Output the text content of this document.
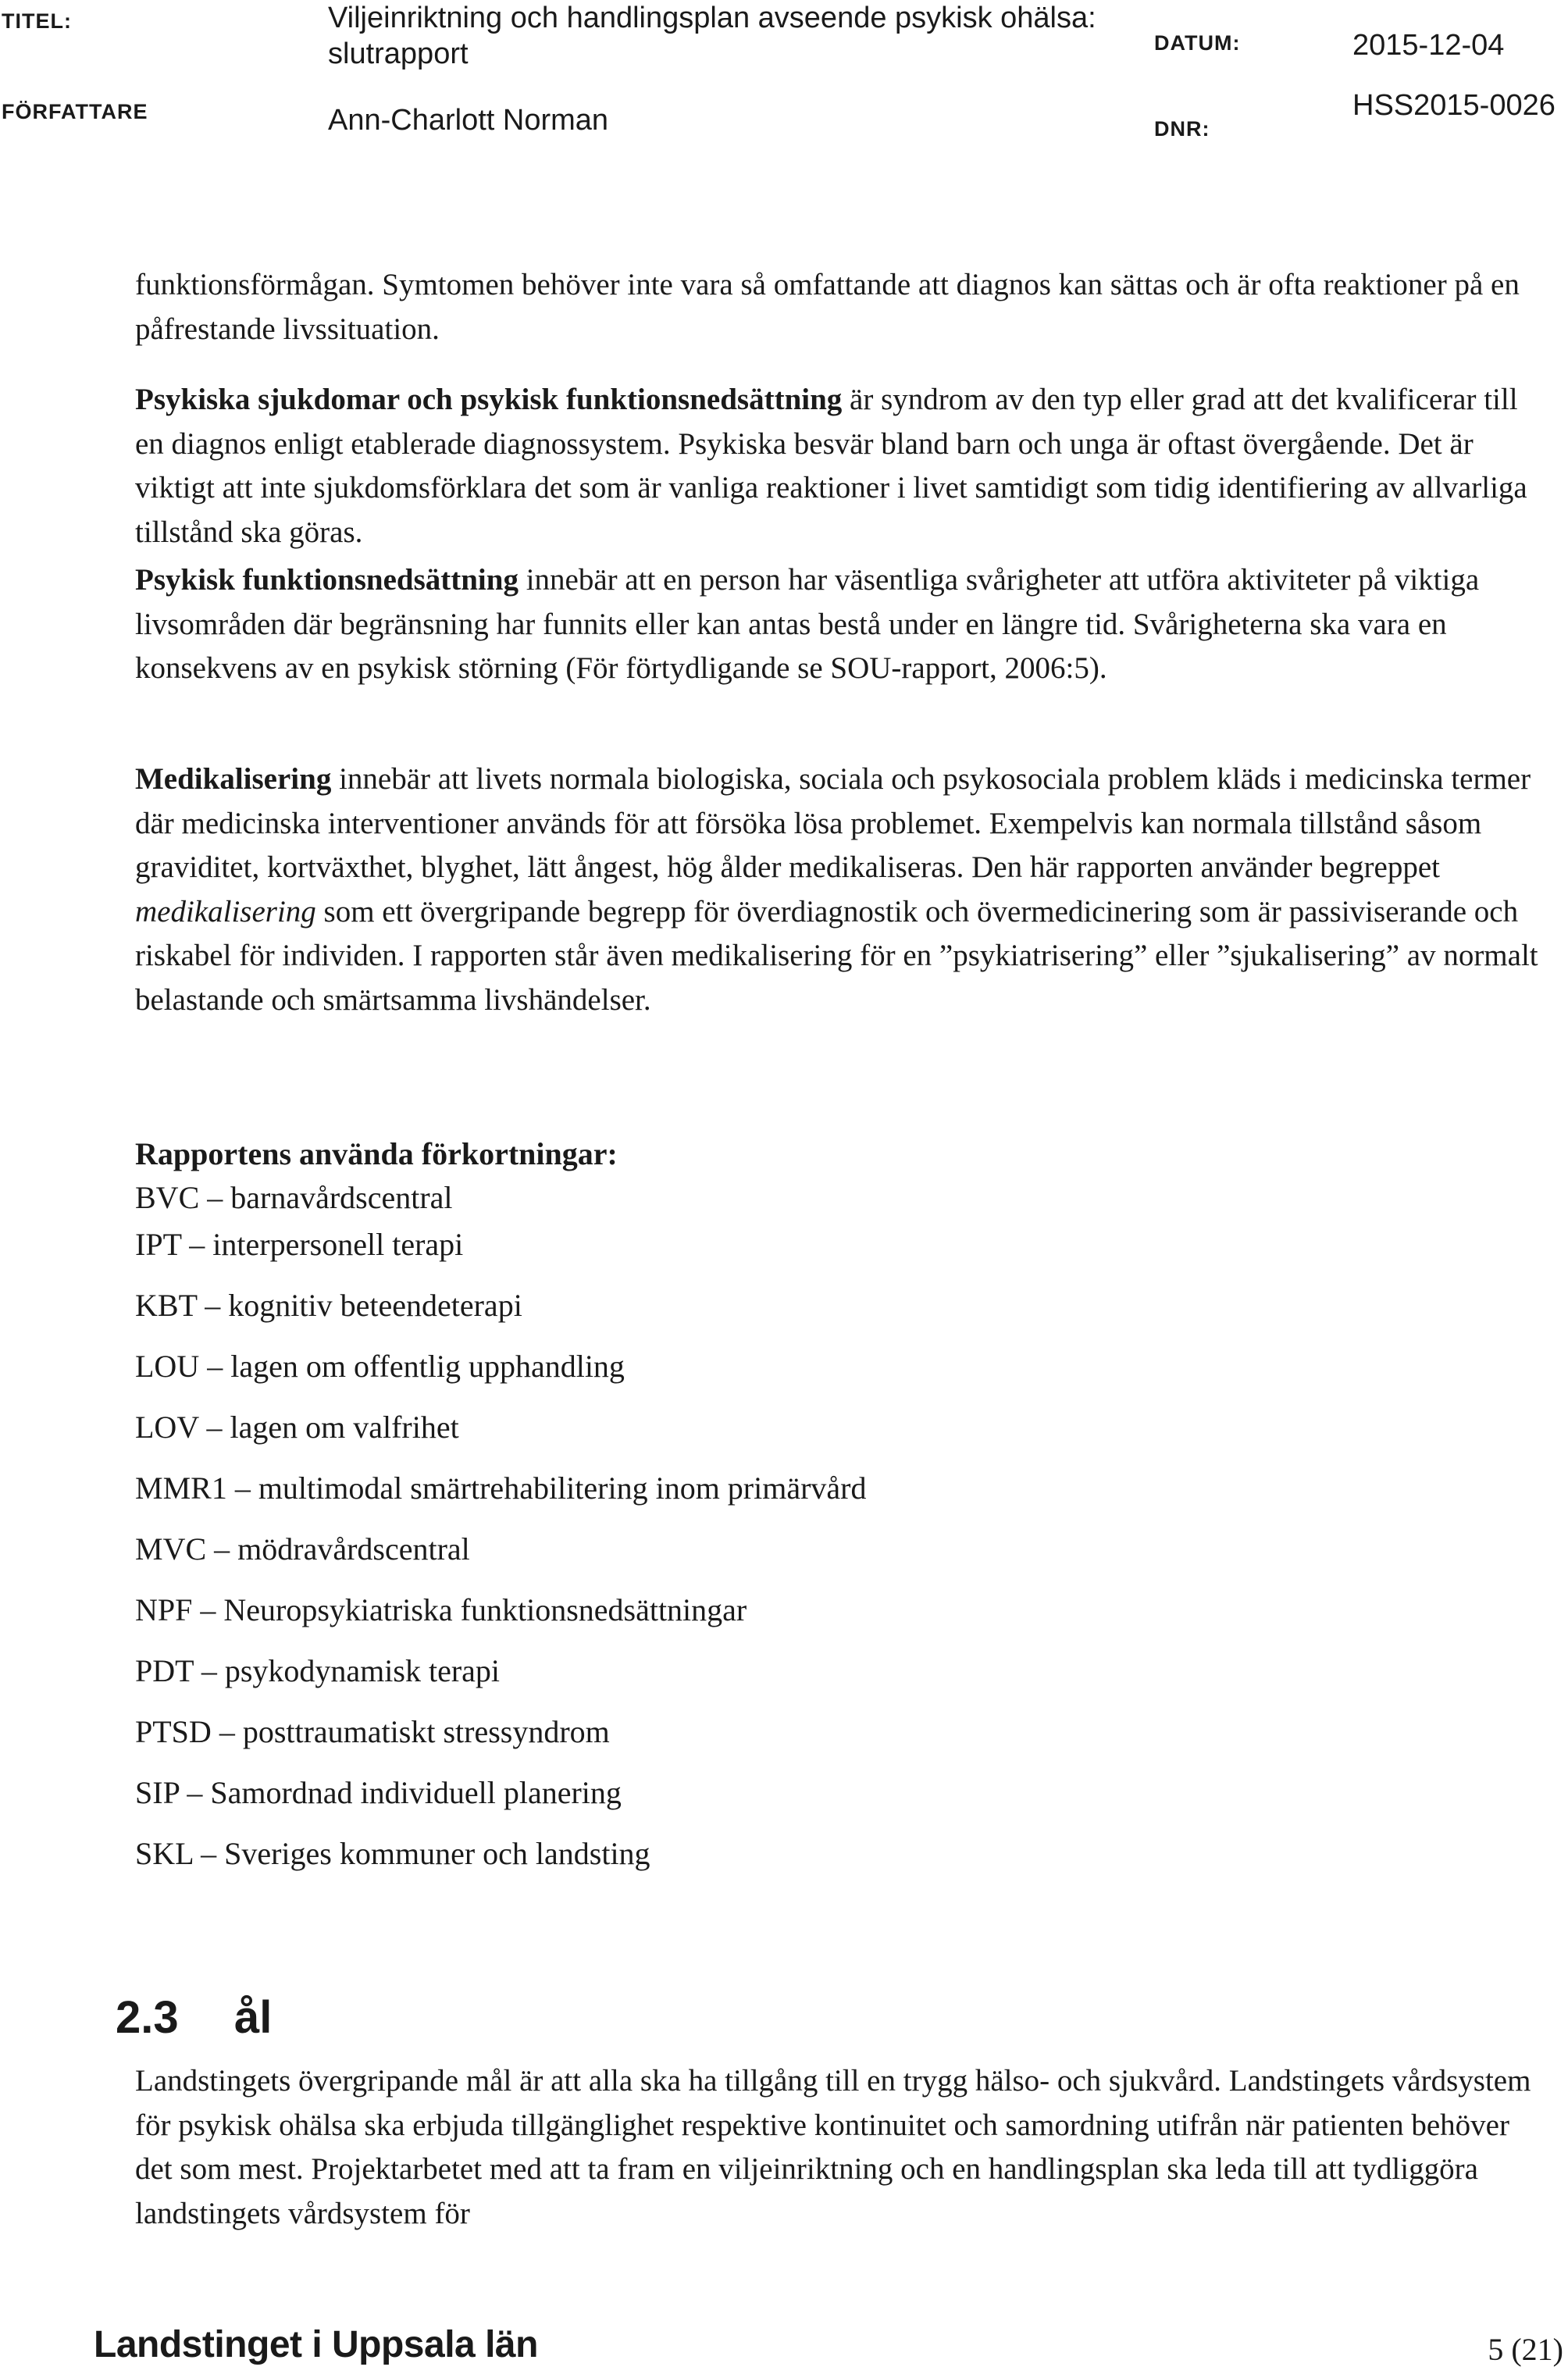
TITEL:	Viljeinriktning och handlingsplan avseende psykisk ohälsa: slutrapport
FÖRFATTARE	Ann-Charlott Norman
DATUM:	2015-12-04
DNR:
HSS2015-0026

funktionsförmågan. Symtomen behöver inte vara så omfattande att diagnos kan sättas och är ofta reaktioner på en påfrestande livssituation.

Psykiska sjukdomar och psykisk funktionsnedsättning är syndrom av den typ eller grad att det kvalificerar till en diagnos enligt etablerade diagnossystem. Psykiska besvär bland barn och unga är oftast övergående. Det är viktigt att inte sjukdomsförklara det som är vanliga reaktioner i livet samtidigt som tidig identifiering av allvarliga tillstånd ska göras.

Psykisk funktionsnedsättning innebär att en person har väsentliga svårigheter att utföra aktiviteter på viktiga livsområden där begränsning har funnits eller kan antas bestå under en längre tid. Svårigheterna ska vara en konsekvens av en psykisk störning (För förtydligande se SOU-rapport, 2006:5).

Medikalisering innebär att livets normala biologiska, sociala och psykosociala problem kläds i medicinska termer där medicinska interventioner används för att försöka lösa problemet. Exempelvis kan normala tillstånd såsom graviditet, kortväxthet, blyghet, lätt ångest, hög ålder medikaliseras. Den här rapporten använder begreppet medikalisering som ett övergripande begrepp för överdiagnostik och övermedicinering som är passiviserande och riskabel för individen. I rapporten står även medikalisering för en ”psykiatrisering” eller ”sjukalisering” av normalt belastande och smärtsamma livshändelser.

Rapportens använda förkortningar:
BVC – barnavårdscentral
IPT – interpersonell terapi
KBT – kognitiv beteendeterapi
LOU – lagen om offentlig upphandling
LOV – lagen om valfrihet
MMR1 – multimodal smärtrehabilitering inom primärvård
MVC – mödravårdscentral
NPF – Neuropsykiatriska funktionsnedsättningar
PDT – psykodynamisk terapi
PTSD – posttraumatiskt stressyndrom
SIP – Samordnad individuell planering
SKL – Sveriges kommuner och landsting
2.3 ål

Landstingets övergripande mål är att alla ska ha tillgång till en trygg hälso- och sjukvård. Landstingets vårdsystem för psykisk ohälsa ska erbjuda tillgänglighet respektive kontinuitet och samordning utifrån när patienten behöver det som mest. Projektarbetet med att ta fram en viljeinriktning och en handlingsplan ska leda till att tydliggöra landstingets vårdsystem för

Landstinget i Uppsala län	5 (21)
